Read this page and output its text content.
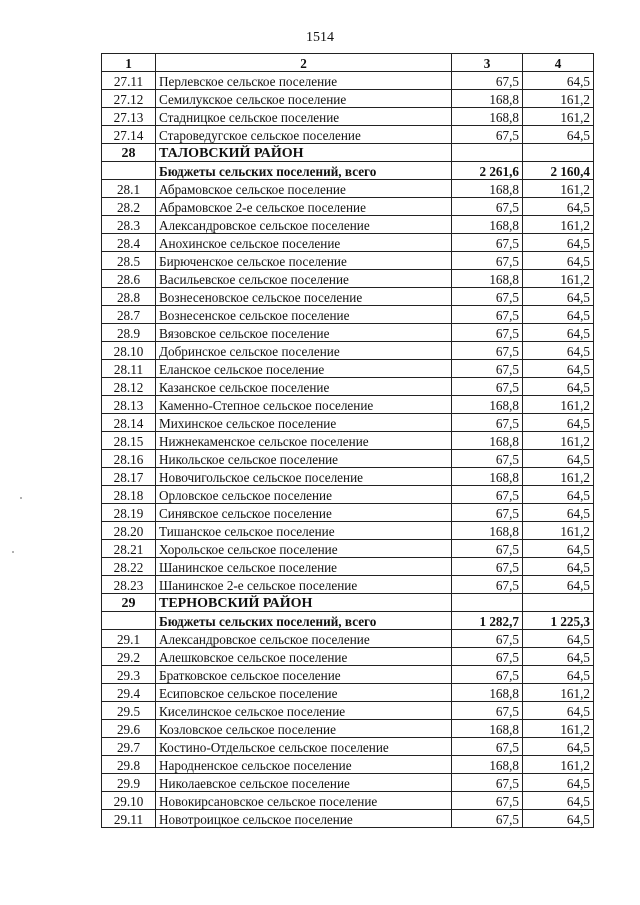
1514
1	2	3	4
27.11	Перлевское сельское поселение	67,5	64,5
27.12	Семилукское сельское поселение	168,8	161,2
27.13	Стадницкое сельское поселение	168,8	161,2
27.14	Староведугское сельское поселение	67,5	64,5
28	ТАЛОВСКИЙ РАЙОН		
	Бюджеты сельских поселений, всего	2 261,6	2 160,4
28.1	Абрамовское сельское поселение	168,8	161,2
28.2	Абрамовское 2-е сельское поселение	67,5	64,5
28.3	Александровское сельское поселение	168,8	161,2
28.4	Анохинское сельское поселение	67,5	64,5
28.5	Бирюченское сельское поселение	67,5	64,5
28.6	Васильевское сельское поселение	168,8	161,2
28.8	Вознесеновское сельское поселение	67,5	64,5
28.7	Вознесенское сельское поселение	67,5	64,5
28.9	Вязовское сельское поселение	67,5	64,5
28.10	Добринское сельское поселение	67,5	64,5
28.11	Еланское сельское поселение	67,5	64,5
28.12	Казанское сельское поселение	67,5	64,5
28.13	Каменно-Степное сельское поселение	168,8	161,2
28.14	Михинское сельское поселение	67,5	64,5
28.15	Нижнекаменское сельское поселение	168,8	161,2
28.16	Никольское сельское поселение	67,5	64,5
28.17	Новочигольское сельское поселение	168,8	161,2
28.18	Орловское сельское поселение	67,5	64,5
28.19	Синявское сельское поселение	67,5	64,5
28.20	Тишанское сельское поселение	168,8	161,2
28.21	Хорольское сельское поселение	67,5	64,5
28.22	Шанинское сельское поселение	67,5	64,5
28.23	Шанинское 2-е сельское поселение	67,5	64,5
29	ТЕРНОВСКИЙ РАЙОН		
	Бюджеты сельских поселений, всего	1 282,7	1 225,3
29.1	Александровское сельское поселение	67,5	64,5
29.2	Алешковское сельское поселение	67,5	64,5
29.3	Братковское сельское поселение	67,5	64,5
29.4	Есиповское сельское поселение	168,8	161,2
29.5	Киселинское сельское поселение	67,5	64,5
29.6	Козловское сельское поселение	168,8	161,2
29.7	Костино-Отдельское сельское поселение	67,5	64,5
29.8	Народненское сельское поселение	168,8	161,2
29.9	Николаевское сельское поселение	67,5	64,5
29.10	Новокирсановское сельское поселение	67,5	64,5
29.11	Новотроицкое сельское поселение	67,5	64,5
